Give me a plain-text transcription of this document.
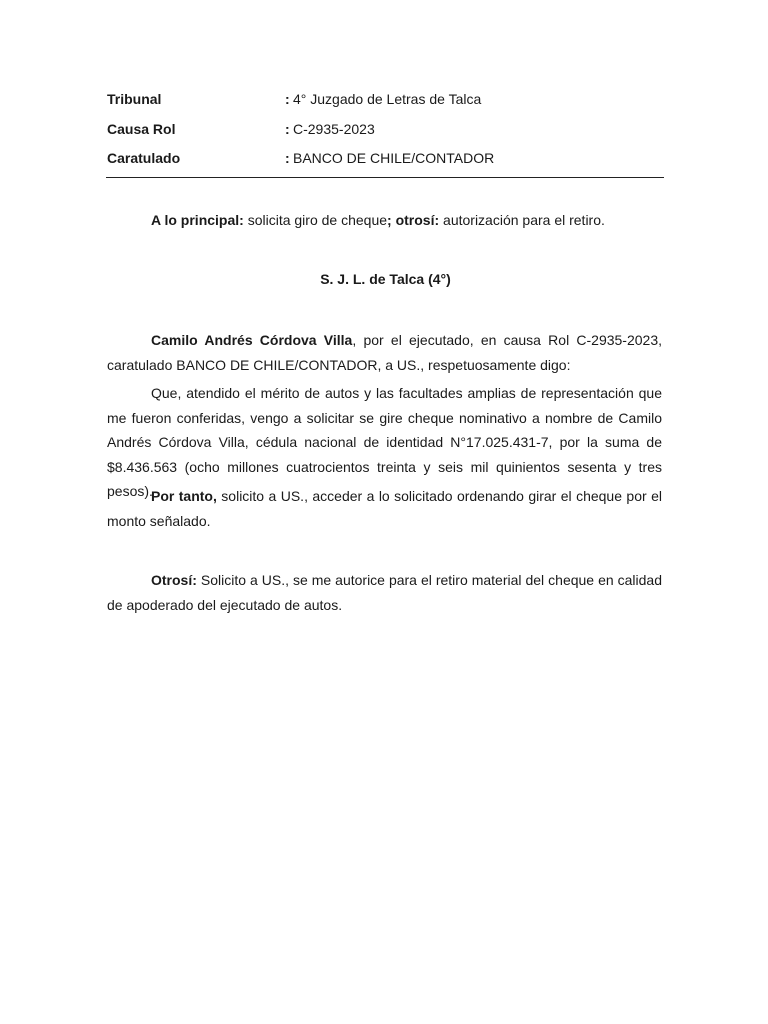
Tribunal	: 4° Juzgado de Letras de Talca
Causa Rol	: C-2935-2023
Caratulado	: BANCO DE CHILE/CONTADOR
A lo principal: solicita giro de cheque; otrosí: autorización para el retiro.
S. J. L. de Talca (4°)

Camilo Andrés Córdova Villa, por el ejecutado, en causa Rol C-2935-2023, caratulado BANCO DE CHILE/CONTADOR, a US., respetuosamente digo:

Que, atendido el mérito de autos y las facultades amplias de representación que me fueron conferidas, vengo a solicitar se gire cheque nominativo a nombre de Camilo Andrés Córdova Villa, cédula nacional de identidad N°17.025.431-7, por la suma de $8.436.563 (ocho millones cuatrocientos treinta y seis mil quinientos sesenta y tres pesos).

Por tanto, solicito a US., acceder a lo solicitado ordenando girar el cheque por el monto señalado.

Otrosí: Solicito a US., se me autorice para el retiro material del cheque en calidad de apoderado del ejecutado de autos.
